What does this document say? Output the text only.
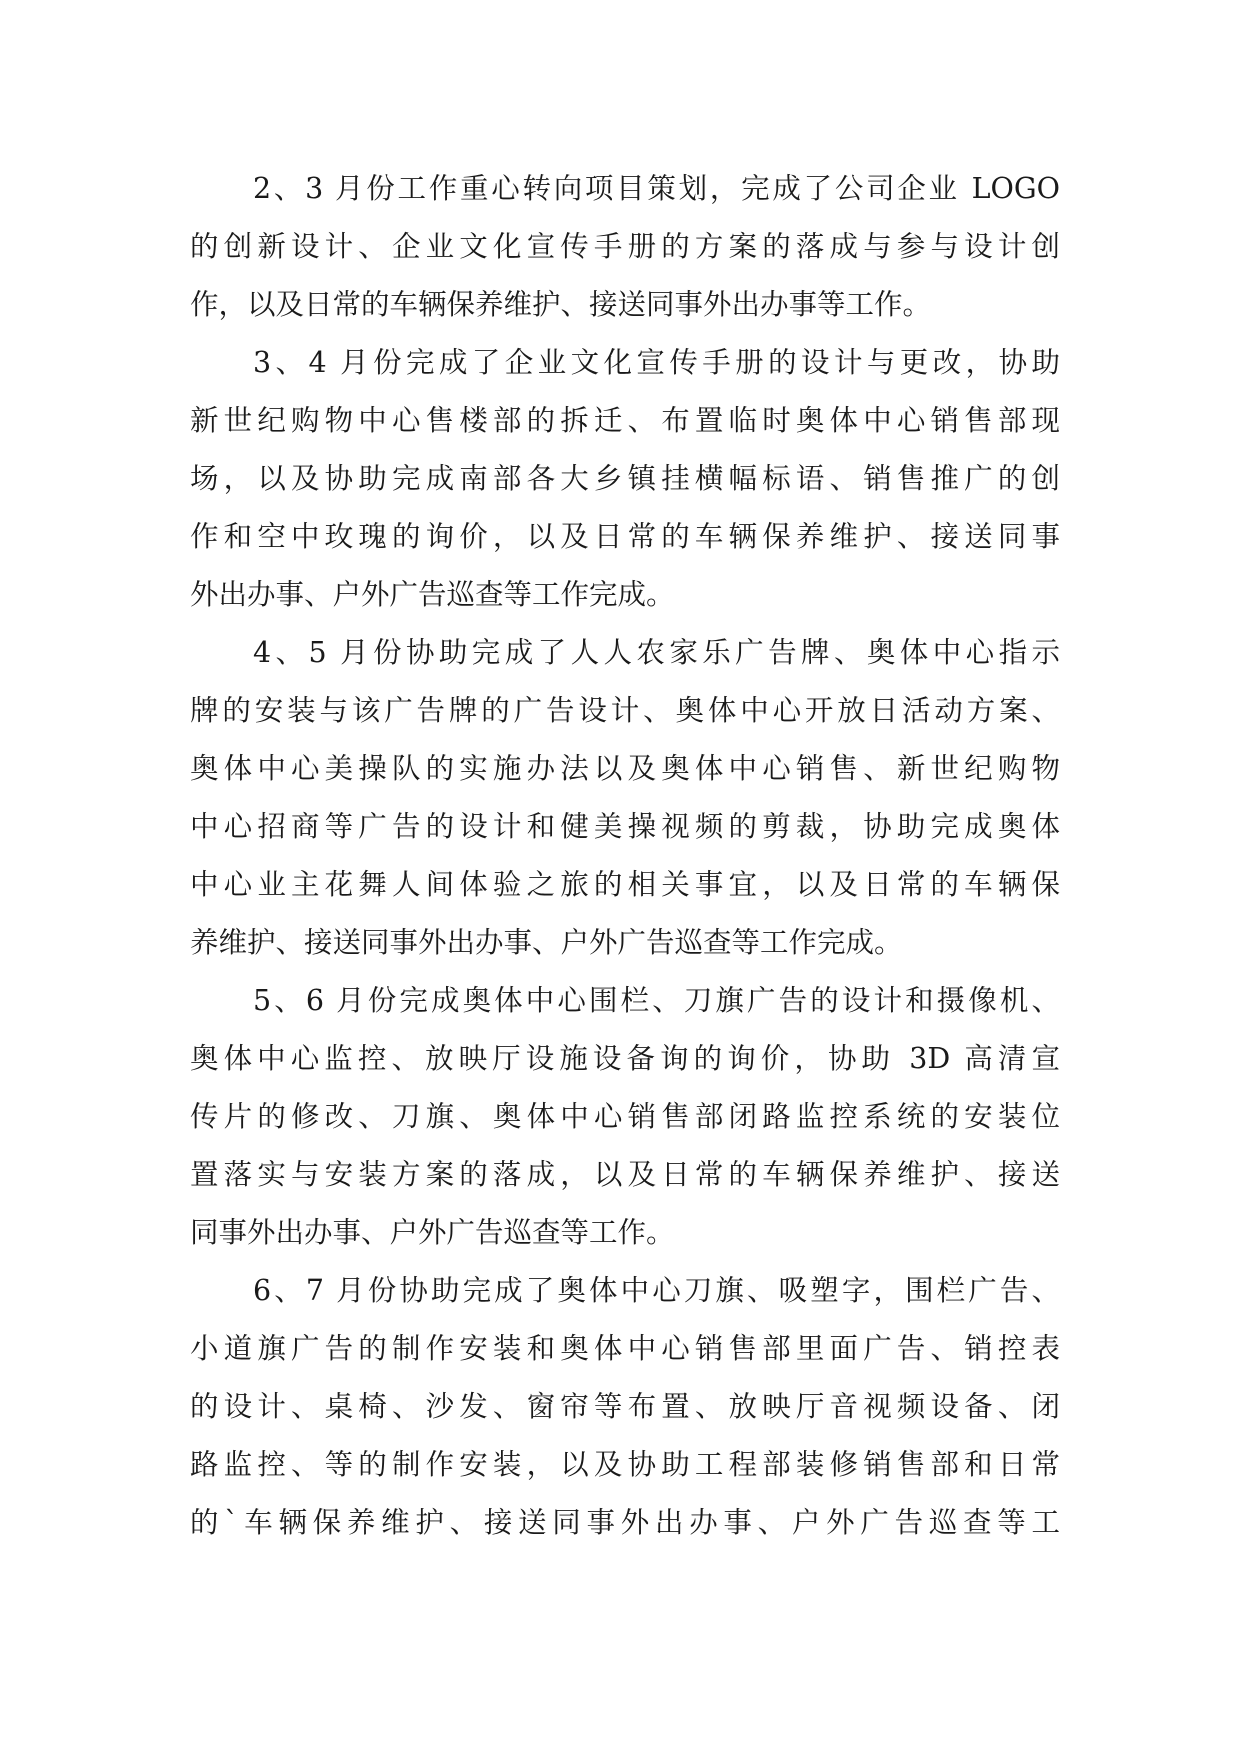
2、3 月份工作重心转向项目策划，完成了公司企业 LOGO
的创新设计、企业文化宣传手册的方案的落成与参与设计创
作，以及日常的车辆保养维护、接送同事外出办事等工作。
3、4 月份完成了企业文化宣传手册的设计与更改，协助
新世纪购物中心售楼部的拆迁、布置临时奥体中心销售部现
场，以及协助完成南部各大乡镇挂横幅标语、销售推广的创
作和空中玫瑰的询价，以及日常的车辆保养维护、接送同事
外出办事、户外广告巡查等工作完成。
4、5 月份协助完成了人人农家乐广告牌、奥体中心指示
牌的安装与该广告牌的广告设计、奥体中心开放日活动方案、
奥体中心美操队的实施办法以及奥体中心销售、新世纪购物
中心招商等广告的设计和健美操视频的剪裁，协助完成奥体
中心业主花舞人间体验之旅的相关事宜，以及日常的车辆保
养维护、接送同事外出办事、户外广告巡查等工作完成。
5、6 月份完成奥体中心围栏、刀旗广告的设计和摄像机、
奥体中心监控、放映厅设施设备询的询价，协助 3D 高清宣
传片的修改、刀旗、奥体中心销售部闭路监控系统的安装位
置落实与安装方案的落成，以及日常的车辆保养维护、接送
同事外出办事、户外广告巡查等工作。
6、7 月份协助完成了奥体中心刀旗、吸塑字，围栏广告、
小道旗广告的制作安装和奥体中心销售部里面广告、销控表
的设计、桌椅、沙发、窗帘等布置、放映厅音视频设备、闭
路监控、等的制作安装，以及协助工程部装修销售部和日常
的`车辆保养维护、接送同事外出办事、户外广告巡查等工
